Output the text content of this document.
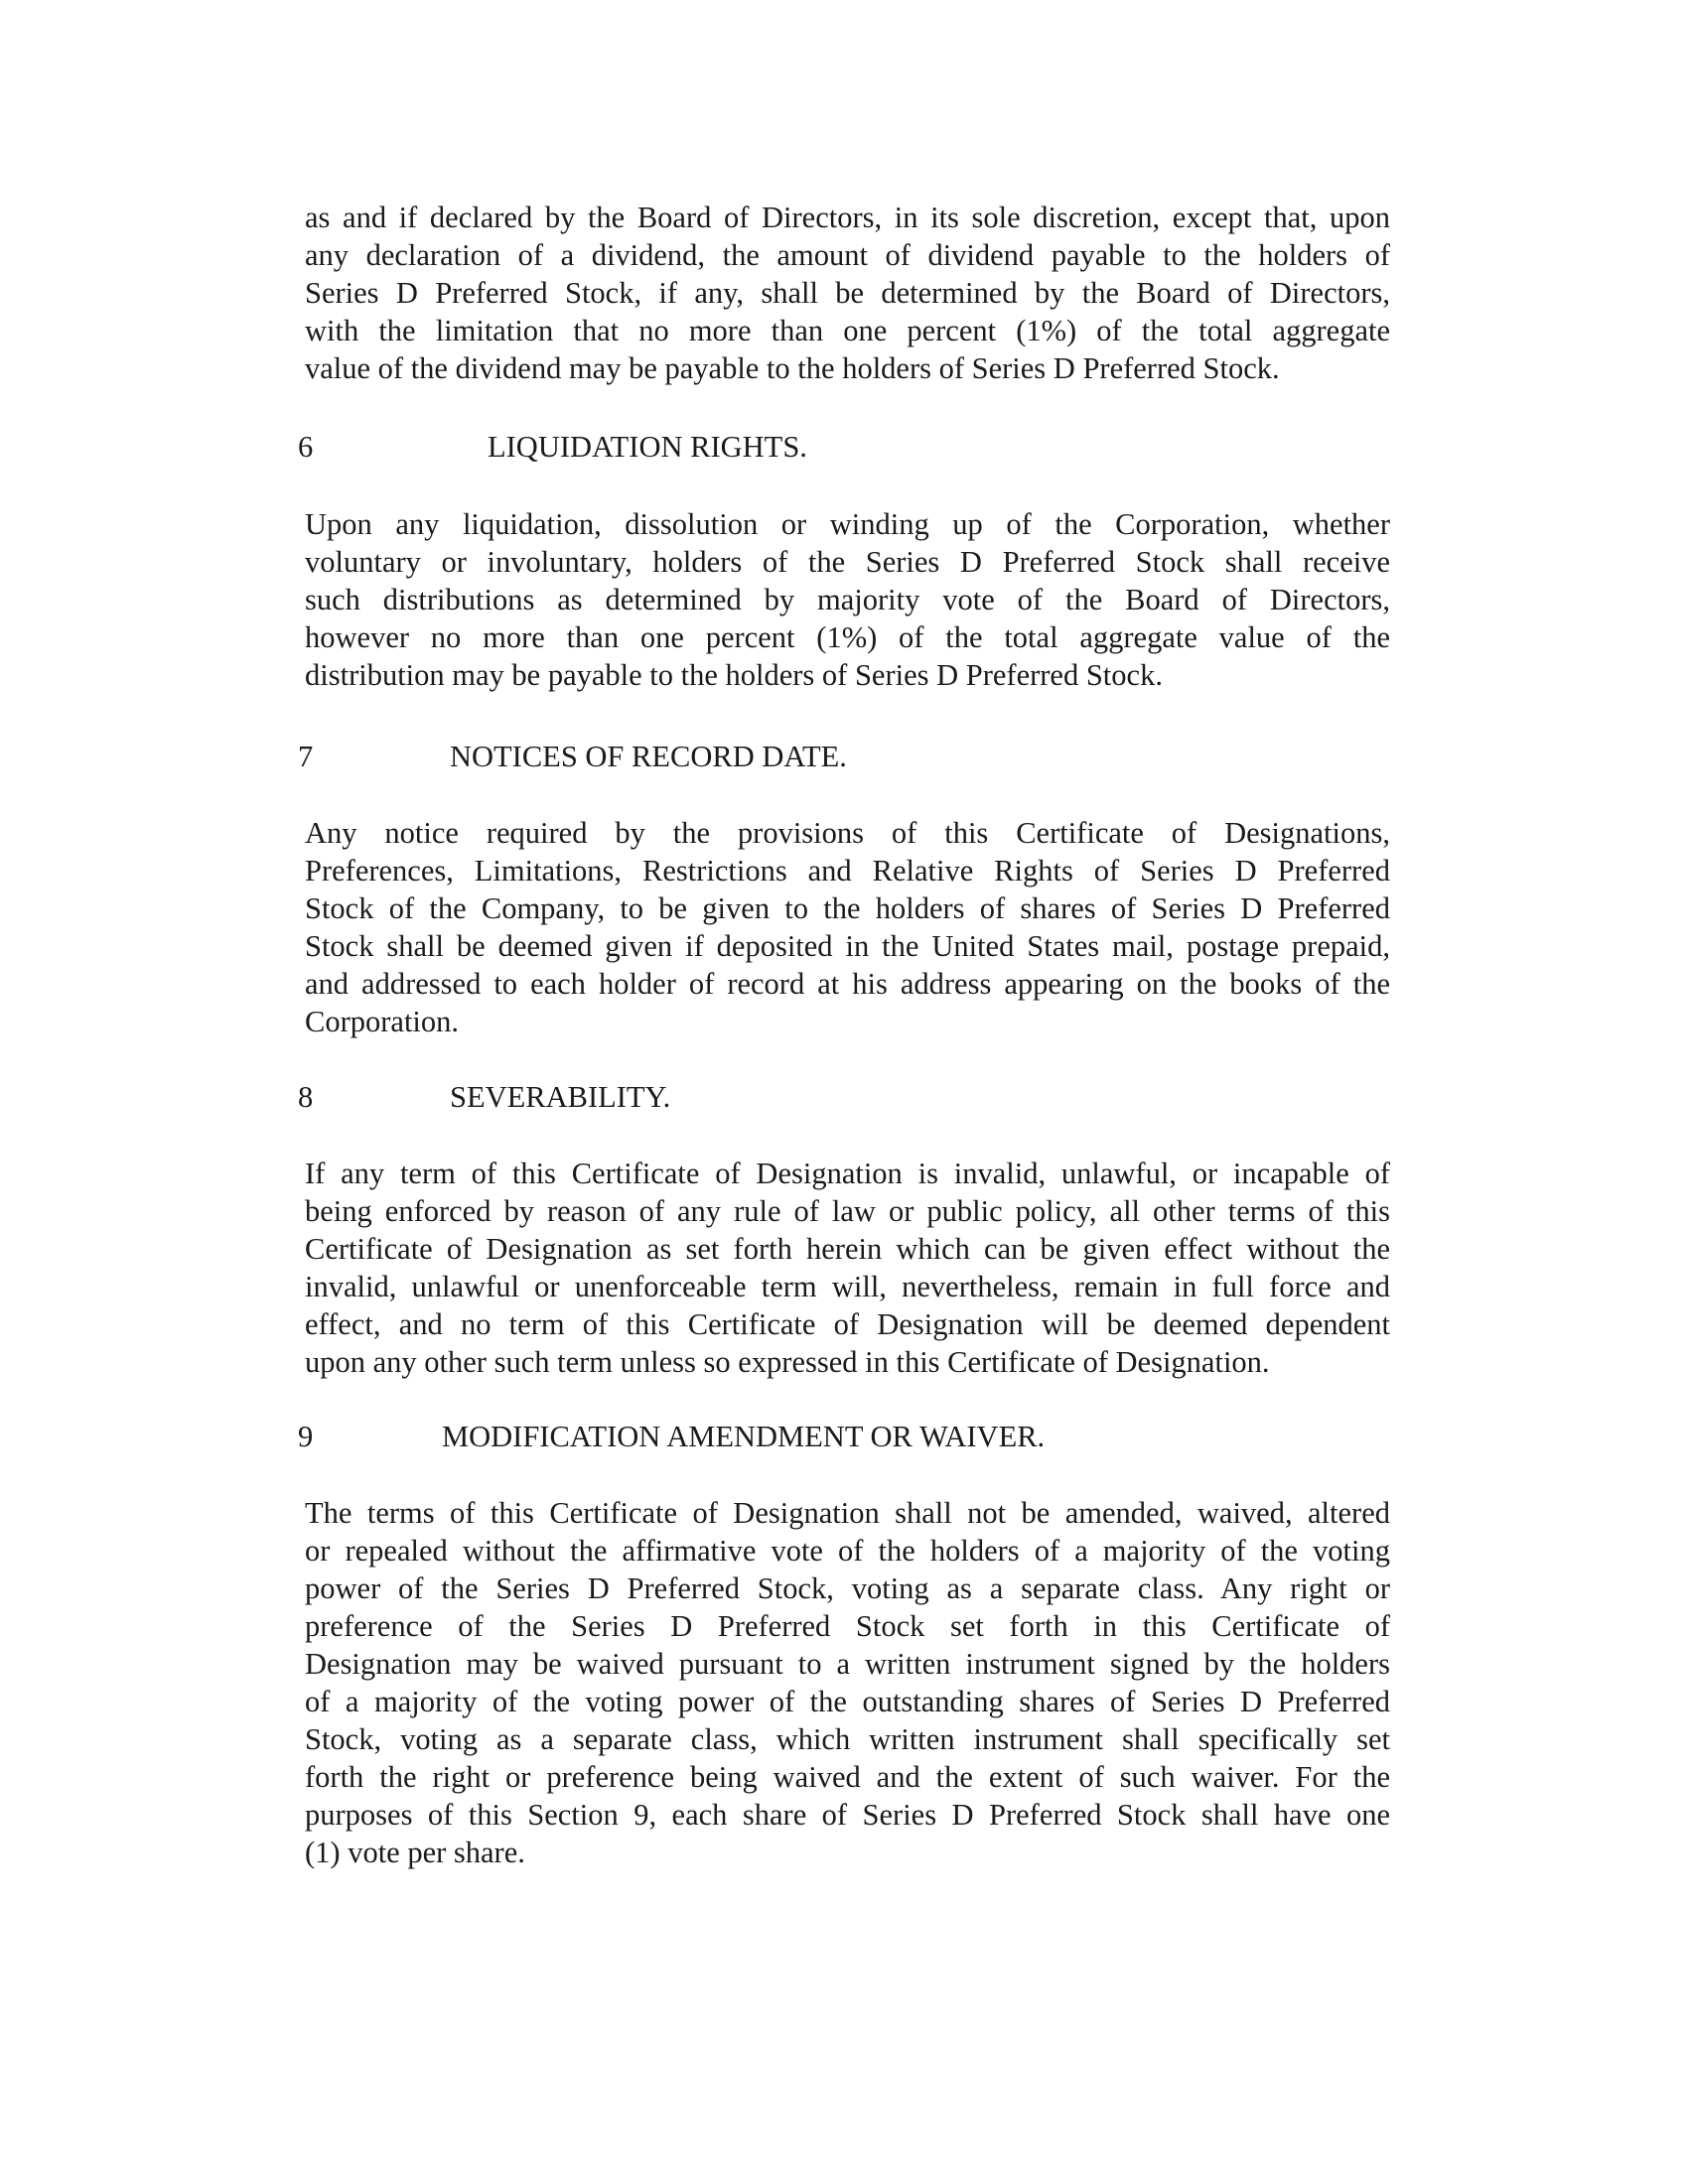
as and if declared by the Board of Directors, in its sole discretion, except that, upon
any declaration of a dividend, the amount of dividend payable to the holders of
Series D Preferred Stock, if any, shall be determined by the Board of Directors,
with the limitation that no more than one percent (1%) of the total aggregate
value of the dividend may be payable to the holders of Series D Preferred Stock.
6	LIQUIDATION RIGHTS.
Upon any liquidation, dissolution or winding up of the Corporation, whether
voluntary or involuntary, holders of the Series D Preferred Stock shall receive
such distributions as determined by majority vote of the Board of Directors,
however no more than one percent (1%) of the total aggregate value of the
distribution may be payable to the holders of Series D Preferred Stock.
7	NOTICES OF RECORD DATE.
Any notice required by the provisions of this Certificate of Designations,
Preferences, Limitations, Restrictions and Relative Rights of Series D Preferred
Stock of the Company, to be given to the holders of shares of Series D Preferred
Stock shall be deemed given if deposited in the United States mail, postage prepaid,
and addressed to each holder of record at his address appearing on the books of the
Corporation.
8	SEVERABILITY.
If any term of this Certificate of Designation is invalid, unlawful, or incapable of
being enforced by reason of any rule of law or public policy, all other terms of this
Certificate of Designation as set forth herein which can be given effect without the
invalid, unlawful or unenforceable term will, nevertheless, remain in full force and
effect, and no term of this Certificate of Designation will be deemed dependent
upon any other such term unless so expressed in this Certificate of Designation.
9	MODIFICATION AMENDMENT OR WAIVER.
The terms of this Certificate of Designation shall not be amended, waived, altered
or repealed without the affirmative vote of the holders of a majority of the voting
power of the Series D Preferred Stock, voting as a separate class. Any right or
preference of the Series D Preferred Stock set forth in this Certificate of
Designation may be waived pursuant to a written instrument signed by the holders
of a majority of the voting power of the outstanding shares of Series D Preferred
Stock, voting as a separate class, which written instrument shall specifically set
forth the right or preference being waived and the extent of such waiver. For the
purposes of this Section 9, each share of Series D Preferred Stock shall have one
(1) vote per share.
